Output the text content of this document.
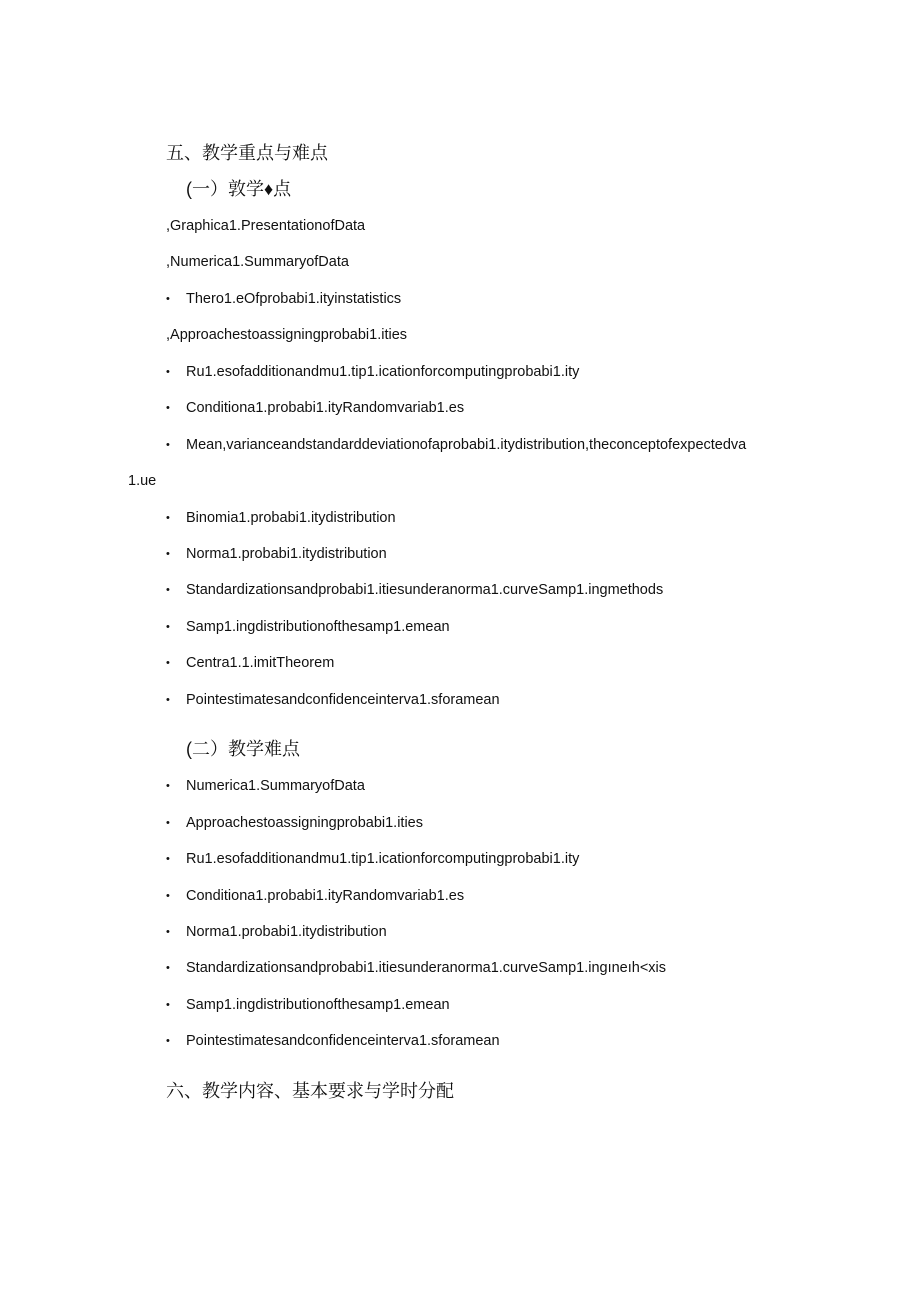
五、教学重点与难点
(一）敦学♦点
,Graphica1.PresentationofData
,Numerica1.SummaryofData
• Thero1.eOfprobabi1.ityinstatistics
,Approachestoassigningprobabi1.ities
• Ru1.esofadditionandmu1.tip1.icationforcomputingprobabi1.ity
• Conditiona1.probabi1.ityRandomvariab1.es
• Mean,varianceandstandarddeviationofaprobabi1.itydistribution,theconceptofexpectedva
1.ue
• Binomia1.probabi1.itydistribution
• Norma1.probabi1.itydistribution
• Standardizationsandprobabi1.itiesunderanorma1.curveSamp1.ingmethods
• Samp1.ingdistributionofthesamp1.emean
• Centra1.1.imitTheorem
• Pointestimatesandconfidenceinterva1.sforamean
(二）教学难点
• Numerica1.SummaryofData
• Approachestoassigningprobabi1.ities
• Ru1.esofadditionandmu1.tip1.icationforcomputingprobabi1.ity
• Conditiona1.probabi1.ityRandomvariab1.es
• Norma1.probabi1.itydistribution
• Standardizationsandprobabi1.itiesunderanorma1.curveSamp1.ingıneıh<xis
• Samp1.ingdistributionofthesamp1.emean
• Pointestimatesandconfidenceinterva1.sforamean
六、教学内容、基本要求与学时分配
